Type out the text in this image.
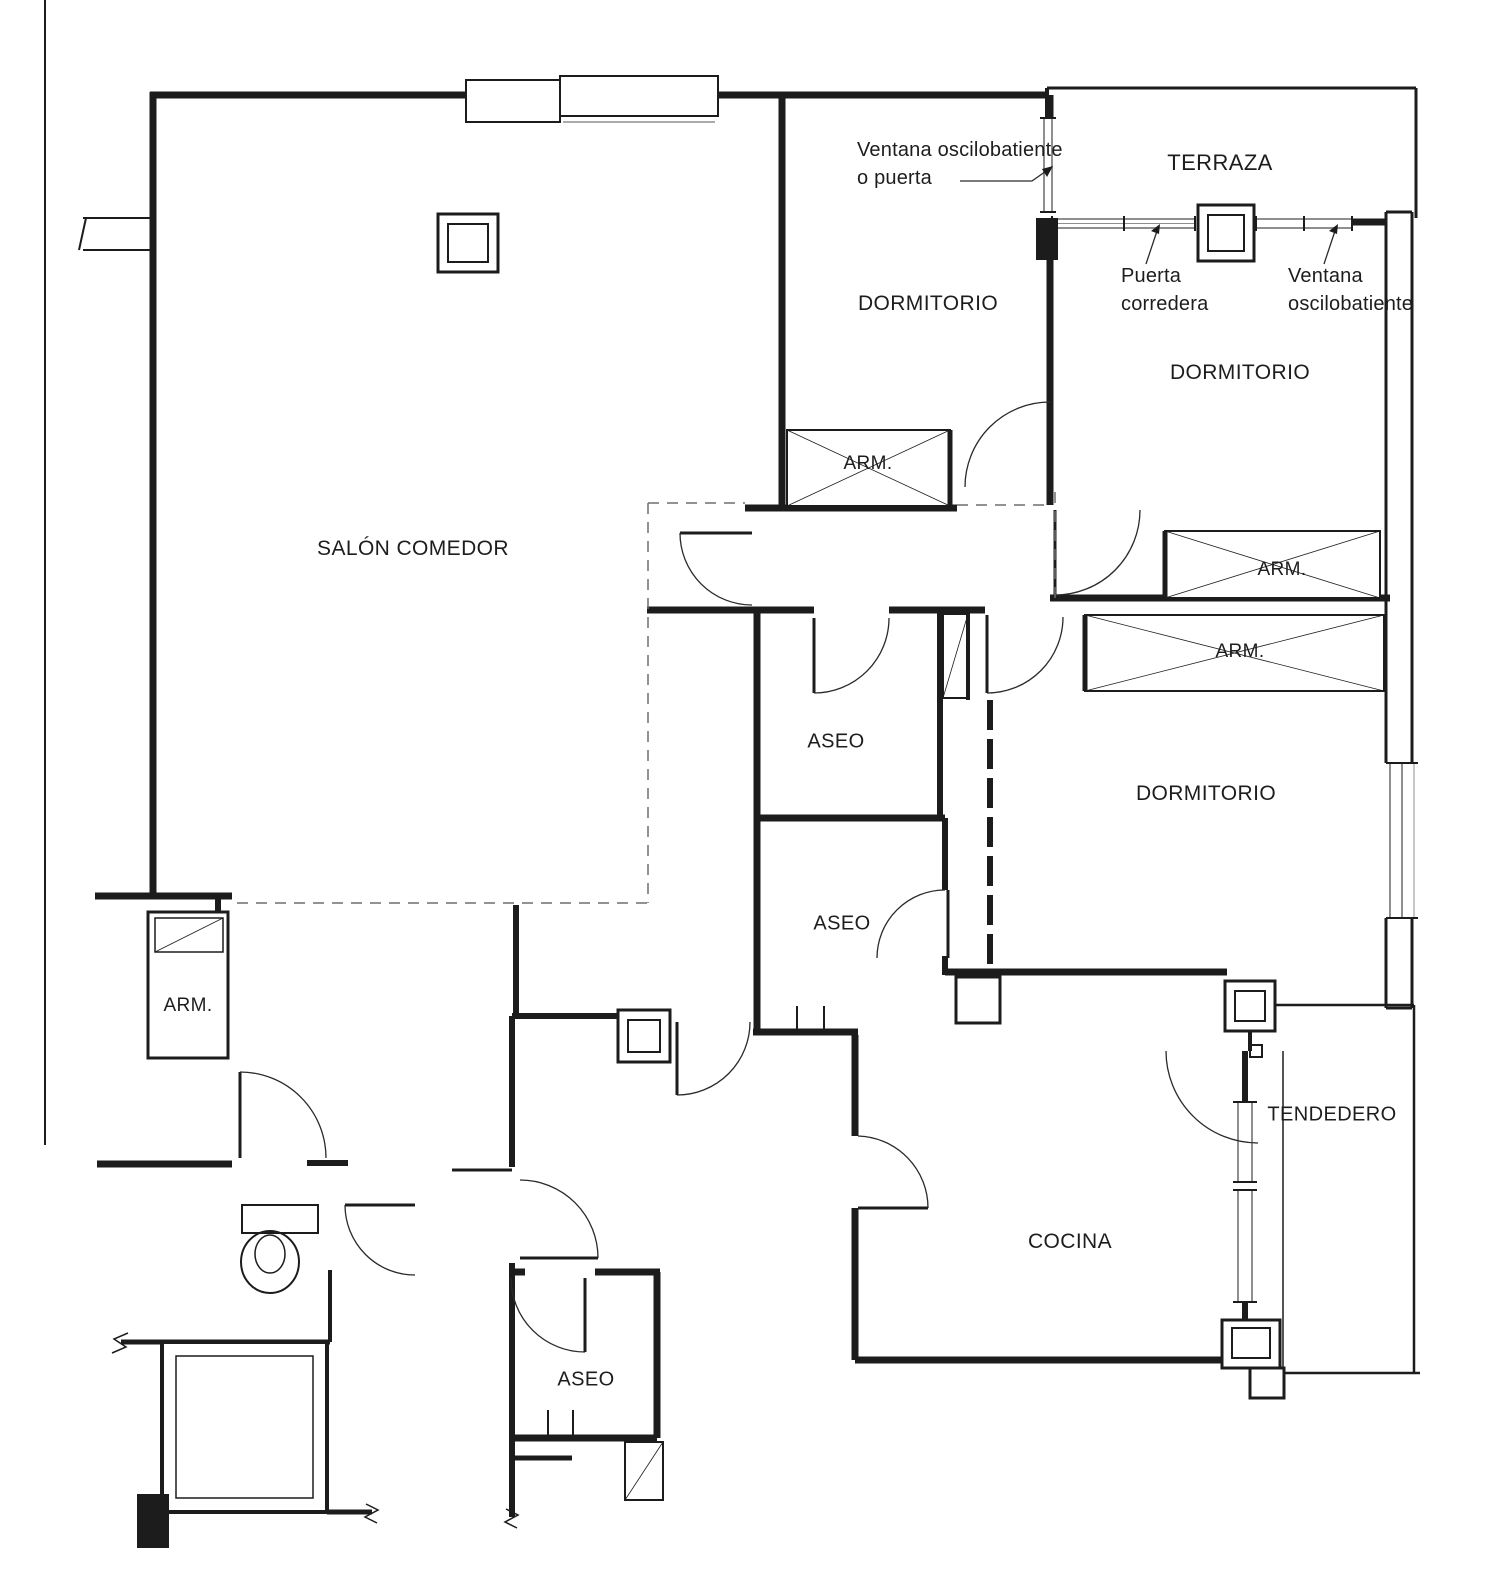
Ventana oscilobatiente
o puerta
TERRAZA
Puerta
corredera
Ventana
oscilobatiente
DORMITORIO
DORMITORIO
SALÓN COMEDOR
ARM.
ARM.
ARM.
DORMITORIO
ASEO
ASEO
ARM.
TENDEDERO
COCINA
ASEO
